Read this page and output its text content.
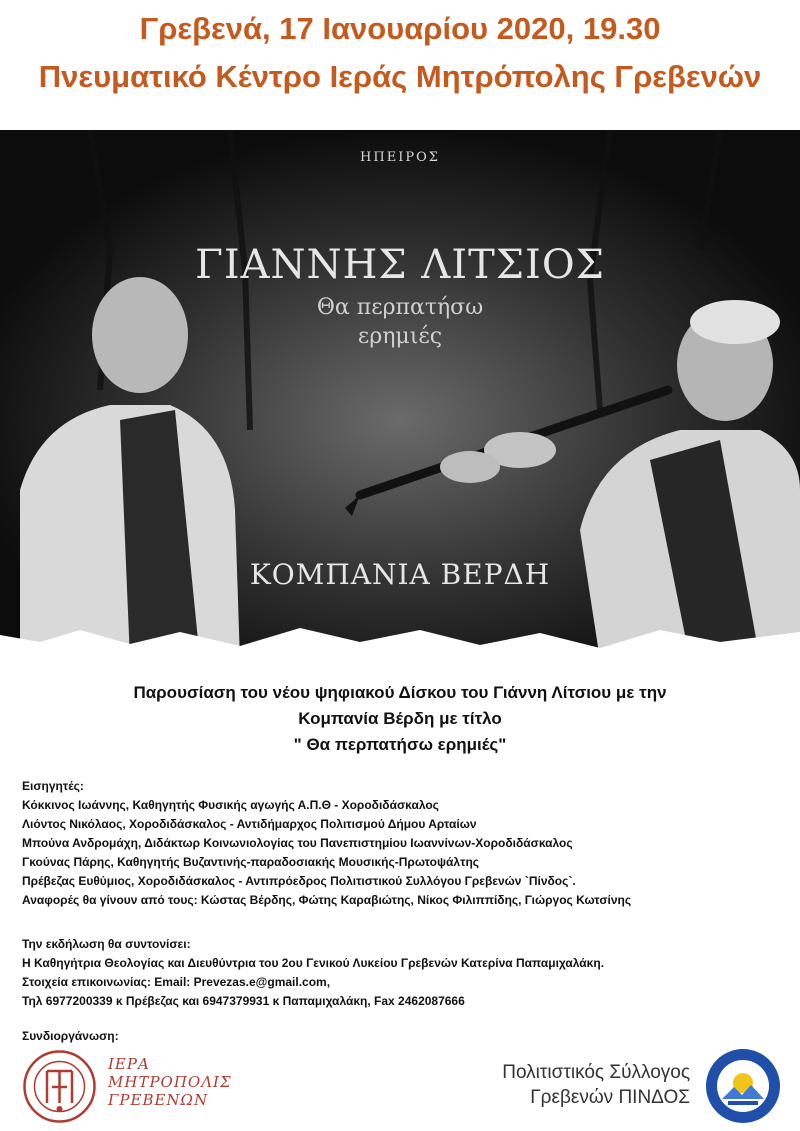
Γρεβενά, 17 Ιανουαρίου 2020, 19.30
Πνευματικό Κέντρο Ιεράς Μητρόπολης Γρεβενών
ΗΠΕΙΡΟΣ
ΓΙΑΝΝΗΣ ΛΙΤΣΙΟΣ
Θα περπατήσω
ερημιές
ΚΟΜΠΑΝΙΑ ΒΕΡΔΗ
Παρουσίαση του νέου ψηφιακού Δίσκου του Γιάννη Λίτσιου με την
Κομπανία Βέρδη με τίτλο
" Θα περπατήσω ερημιές"
Εισηγητές:
Κόκκινος Ιωάννης, Καθηγητής Φυσικής αγωγής Α.Π.Θ - Χοροδιδάσκαλος
Λιόντος Νικόλαος, Χοροδιδάσκαλος - Αντιδήμαρχος Πολιτισμού Δήμου Αρταίων
Μπούνα Ανδρομάχη, Διδάκτωρ Κοινωνιολογίας του Πανεπιστημίου Ιωαννίνων-Χοροδιδάσκαλος
Γκούνας Πάρης, Καθηγητής Βυζαντινής-παραδοσιακής Μουσικής-Πρωτοψάλτης
Πρέβεζας Ευθύμιος, Χοροδιδάσκαλος - Αντιπρόεδρος Πολιτιστικού Συλλόγου Γρεβενών `Πίνδος`.
Αναφορές θα γίνουν από τους: Κώστας Βέρδης, Φώτης Καραβιώτης, Νίκος Φιλιππίδης, Γιώργος Κωτσίνης
Την εκδήλωση θα συντονίσει:
Η Καθηγήτρια Θεολογίας και Διευθύντρια του 2ου Γενικού Λυκείου Γρεβενών Κατερίνα Παπαμιχαλάκη.
Στοιχεία επικοινωνίας: Email: Prevezas.e@gmail.com,
Τηλ 6977200339 κ Πρέβεζας και 6947379931 κ Παπαμιχαλάκη, Fax 2462087666
Συνδιοργάνωση:
ΙΕΡΑ
ΜΗΤΡΟΠΟΛΙΣ
ΓΡΕΒΕΝΩΝ
Πολιτιστικός Σύλλογος
Γρεβενών ΠΙΝΔΟΣ
